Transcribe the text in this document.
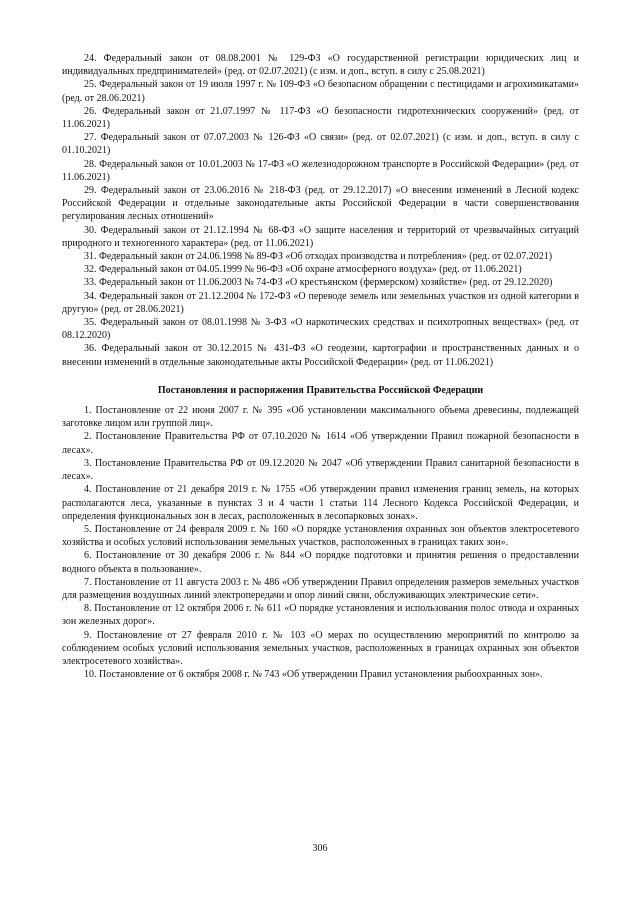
24. Федеральный закон от 08.08.2001 № 129-ФЗ «О государственной регистрации юридических лиц и индивидуальных предпринимателей» (ред. от 02.07.2021) (с изм. и доп., вступ. в силу с 25.08.2021)

25. Федеральный закон от 19 июля 1997 г. № 109-ФЗ «О безопасном обращении с пестицидами и агрохимикатами» (ред. от 28.06.2021)

26. Федеральный закон от 21.07.1997 № 117-ФЗ «О безопасности гидротехнических сооружений» (ред. от 11.06.2021)

27. Федеральный закон от 07.07.2003 № 126-ФЗ «О связи» (ред. от 02.07.2021) (с изм. и доп., вступ. в силу с 01.10.2021)

28. Федеральный закон от 10.01.2003 № 17-ФЗ «О железнодорожном транспорте в Российской Федерации» (ред. от 11.06.2021)

29. Федеральный закон от 23.06.2016 № 218-ФЗ (ред. от 29.12.2017) «О внесении изменений в Лесной кодекс Российской Федерации и отдельные законодательные акты Российской Федерации в части совершенствования регулирования лесных отношений»

30. Федеральный закон от 21.12.1994 № 68-ФЗ «О защите населения и территорий от чрезвычайных ситуаций природного и техногенного характера» (ред. от 11.06.2021)

31. Федеральный закон от 24.06.1998 № 89-ФЗ «Об отходах производства и потребления» (ред. от 02.07.2021)

32. Федеральный закон от 04.05.1999 № 96-ФЗ «Об охране атмосферного воздуха» (ред. от 11.06.2021)

33. Федеральный закон от 11.06.2003 № 74-ФЗ «О крестьянском (фермерском) хозяйстве» (ред. от 29.12.2020)

34. Федеральный закон от 21.12.2004 № 172-ФЗ «О переводе земель или земельных участков из одной категории в другую» (ред. от 28.06.2021)

35. Федеральный закон от 08.01.1998 № 3-ФЗ «О наркотических средствах и психотропных веществах» (ред. от 08.12.2020)

36. Федеральный закон от 30.12.2015 № 431-ФЗ «О геодезии, картографии и пространственных данных и о внесении изменений в отдельные законодательные акты Российской Федерации» (ред. от 11.06.2021)

Постановления и распоряжения Правительства Российской Федерации

1. Постановление от 22 июня 2007 г. № 395 «Об установлении максимального объема древесины, подлежащей заготовке лицом или группой лиц».

2. Постановление Правительства РФ от 07.10.2020 № 1614 «Об утверждении Правил пожарной безопасности в лесах».

3. Постановление Правительства РФ от 09.12.2020 № 2047 «Об утверждении Правил санитарной безопасности в лесах».

4. Постановление от 21 декабря 2019 г. № 1755 «Об утверждении правил изменения границ земель, на которых располагаются леса, указанные в пунктах 3 и 4 части 1 статьи 114 Лесного Кодекса Российской Федерации, и определения функциональных зон в лесах, расположенных в лесопарковых зонах».

5. Постановление от 24 февраля 2009 г. № 160 «О порядке установления охранных зон объектов электросетевого хозяйства и особых условий использования земельных участков, расположенных в границах таких зон».

6. Постановление от 30 декабря 2006 г. № 844 «О порядке подготовки и принятия решения о предоставлении водного объекта в пользование».

7. Постановление от 11 августа 2003 г. № 486 «Об утверждении Правил определения размеров земельных участков для размещения воздушных линий электропередачи и опор линий связи, обслуживающих электрические сети».

8. Постановление от 12 октября 2006 г. № 611 «О порядке установления и использования полос отвода и охранных зон железных дорог».

9. Постановление от 27 февраля 2010 г. № 103 «О мерах по осуществлению мероприятий по контролю за соблюдением особых условий использования земельных участков, расположенных в границах охранных зон объектов электросетевого хозяйства».

10. Постановление от 6 октября 2008 г. № 743 «Об утверждении Правил установления рыбоохранных зон».

306
